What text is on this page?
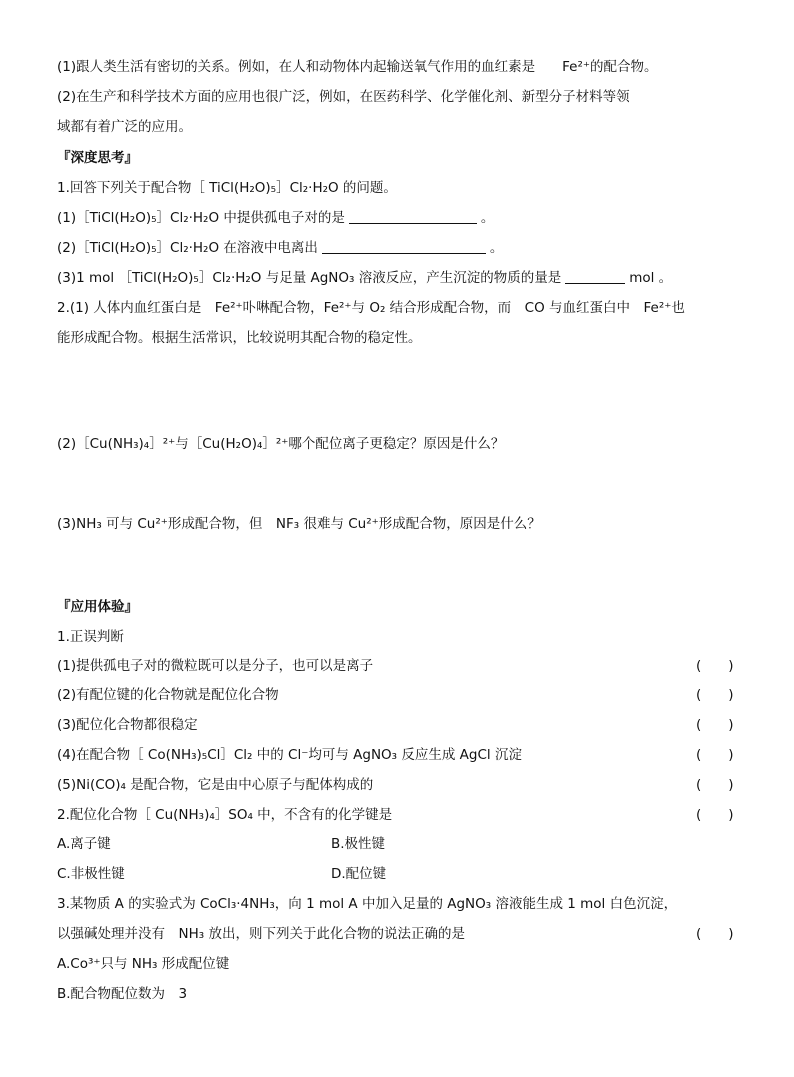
(1)跟人类生活有密切的关系。例如，在人和动物体内起输送氧气作用的血红素是　　Fe²⁺的配合物。
(2)在生产和科学技术方面的应用也很广泛，例如，在医药科学、化学催化剂、新型分子材料等领
域都有着广泛的应用。
『深度思考』
1.回答下列关于配合物［ TiCl(H₂O)₅］Cl₂·H₂O 的问题。
(1)［TiCl(H₂O)₅］Cl₂·H₂O 中提供孤电子对的是	。
(2)［TiCl(H₂O)₅］Cl₂·H₂O 在溶液中电离出	。
(3)1 mol ［TiCl(H₂O)₅］Cl₂·H₂O 与足量 AgNO₃ 溶液反应，产生沉淀的物质的量是	mol 。
2.(1) 人体内血红蛋白是　Fe²⁺卟啉配合物，Fe²⁺与 O₂ 结合形成配合物，而　CO 与血红蛋白中　Fe²⁺也
能形成配合物。根据生活常识，比较说明其配合物的稳定性。
(2)［Cu(NH₃)₄］²⁺与［Cu(H₂O)₄］²⁺哪个配位离子更稳定？原因是什么？
(3)NH₃ 可与 Cu²⁺形成配合物，但　NF₃ 很难与 Cu²⁺形成配合物，原因是什么？
『应用体验』
1.正误判断
(1)提供孤电子对的微粒既可以是分子，也可以是离子	(　　)
(2)有配位键的化合物就是配位化合物	(　　)
(3)配位化合物都很稳定	(　　)
(4)在配合物［ Co(NH₃)₅Cl］Cl₂ 中的 Cl⁻均可与 AgNO₃ 反应生成 AgCl 沉淀	(　　)
(5)Ni(CO)₄ 是配合物，它是由中心原子与配体构成的	(　　)
2.配位化合物［ Cu(NH₃)₄］SO₄ 中，不含有的化学键是	(　　)
A.离子键	B.极性键
C.非极性键	D.配位键
3.某物质 A 的实验式为 CoCl₃·4NH₃，向 1 mol A 中加入足量的 AgNO₃ 溶液能生成 1 mol 白色沉淀，
以强碱处理并没有　NH₃ 放出，则下列关于此化合物的说法正确的是	(　　)
A.Co³⁺只与 NH₃ 形成配位键
B.配合物配位数为　3
